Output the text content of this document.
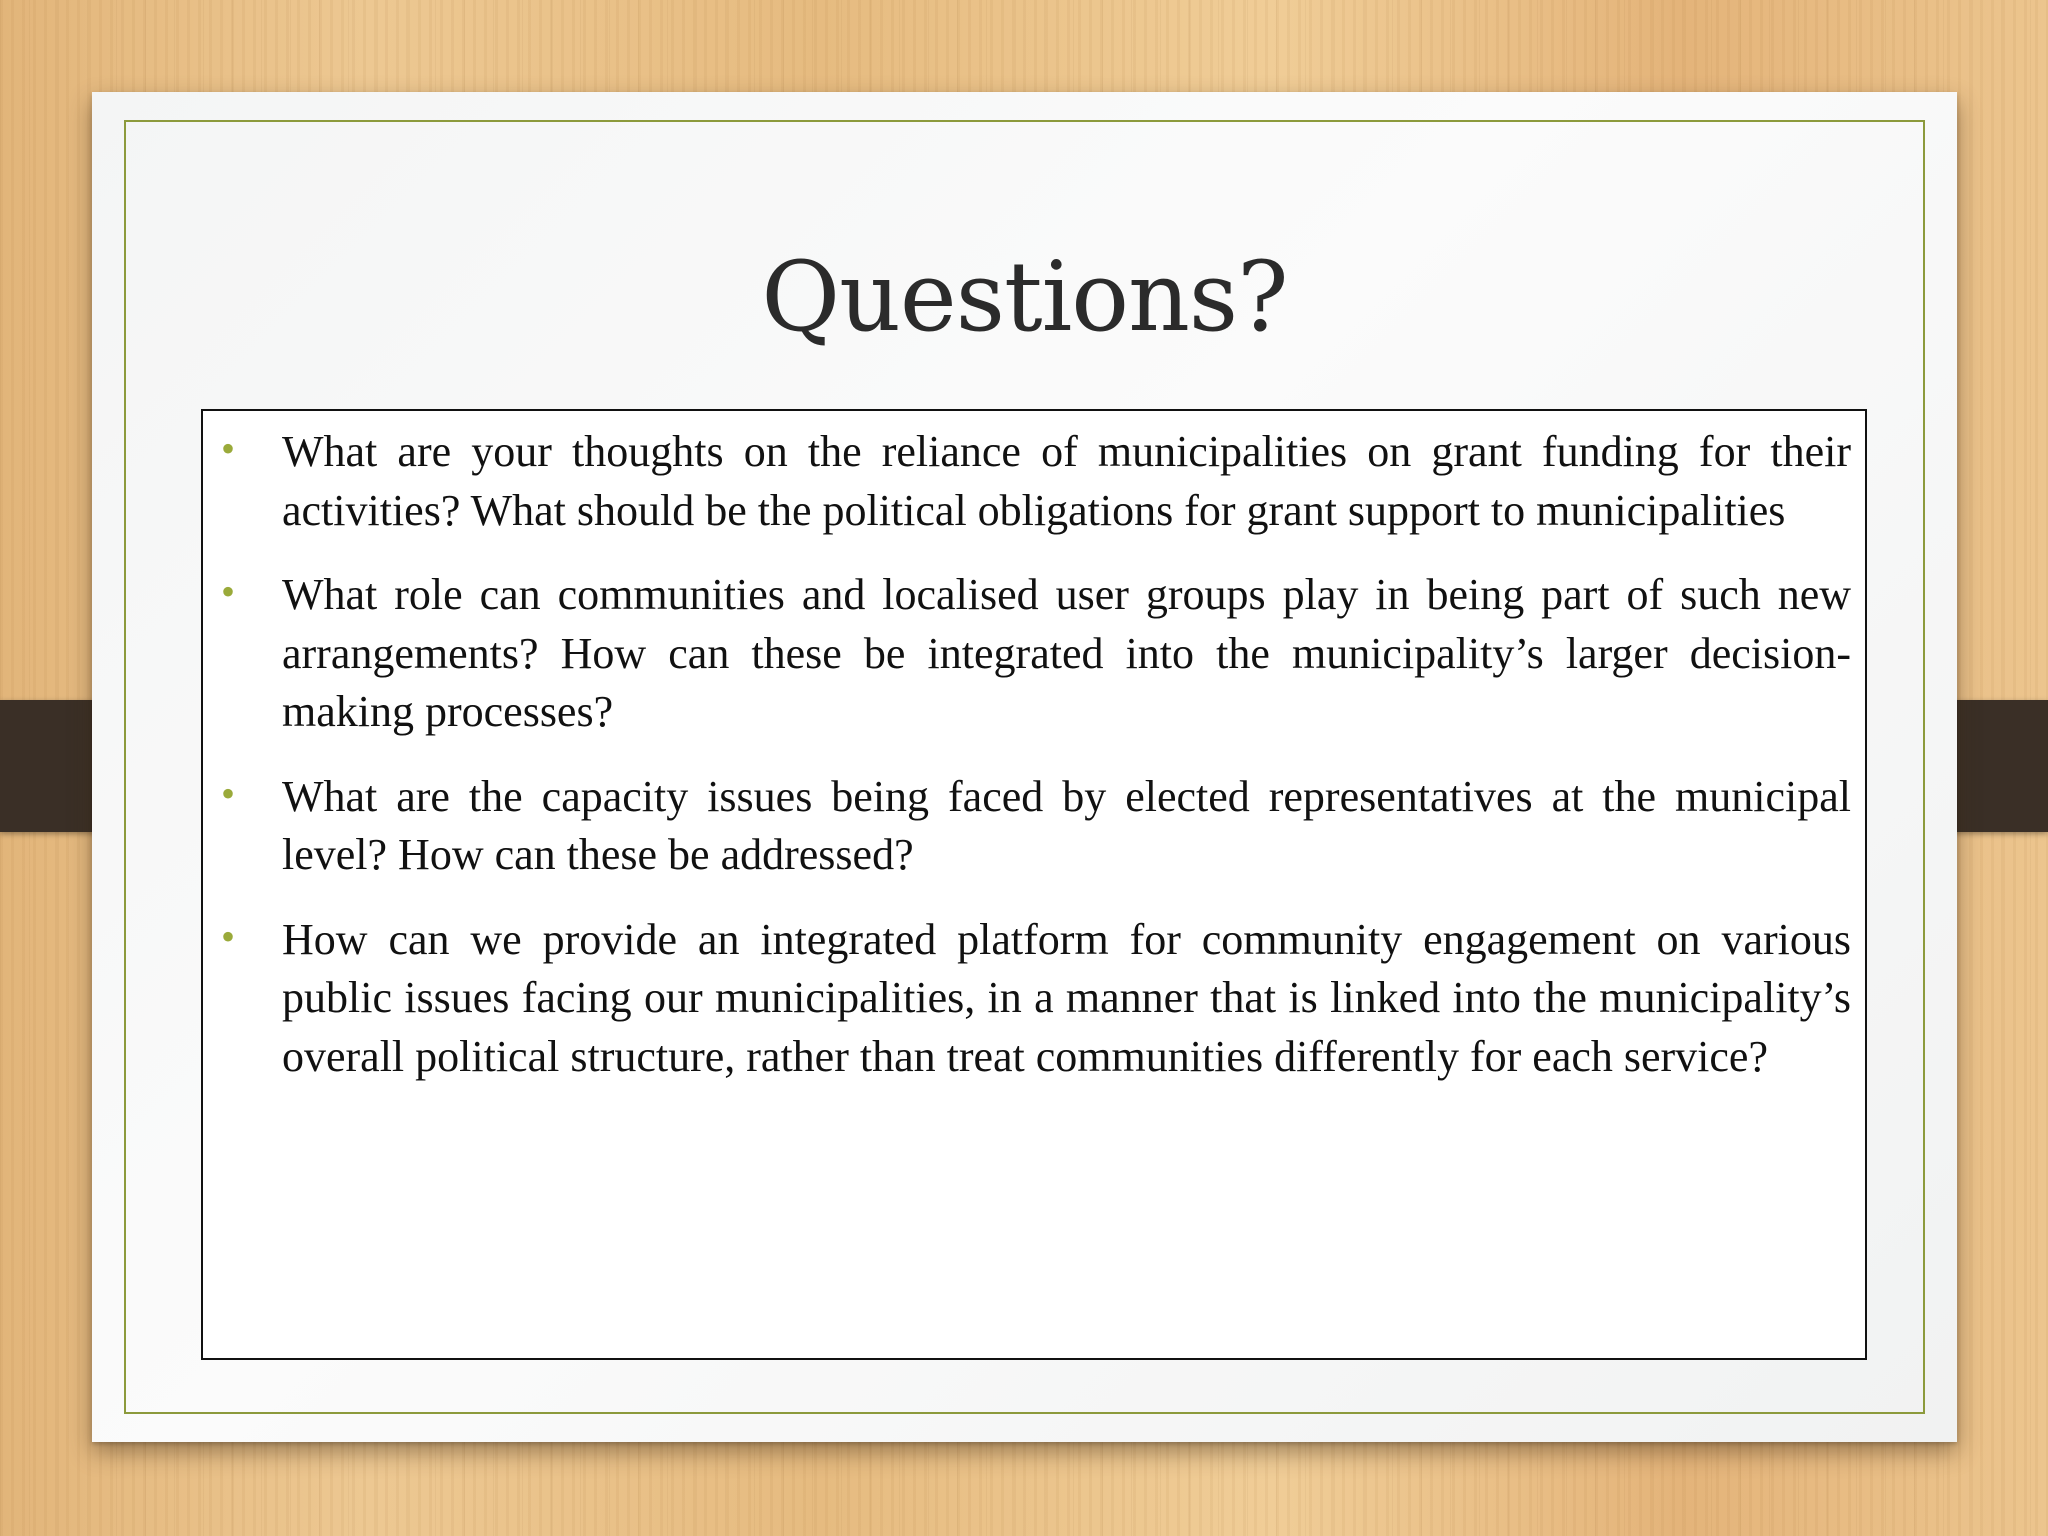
Questions?
• What are your thoughts on the reliance of municipalities on grant funding for their activities? What should be the political obligations for grant support to municipalities
• What role can communities and localised user groups play in being part of such new arrangements? How can these be integrated into the municipality’s larger decision-making processes?
• What are the capacity issues being faced by elected representatives at the municipal level? How can these be addressed?
• How can we provide an integrated platform for community engagement on various public issues facing our municipalities, in a manner that is linked into the municipality’s overall political structure, rather than treat communities differently for each service?
